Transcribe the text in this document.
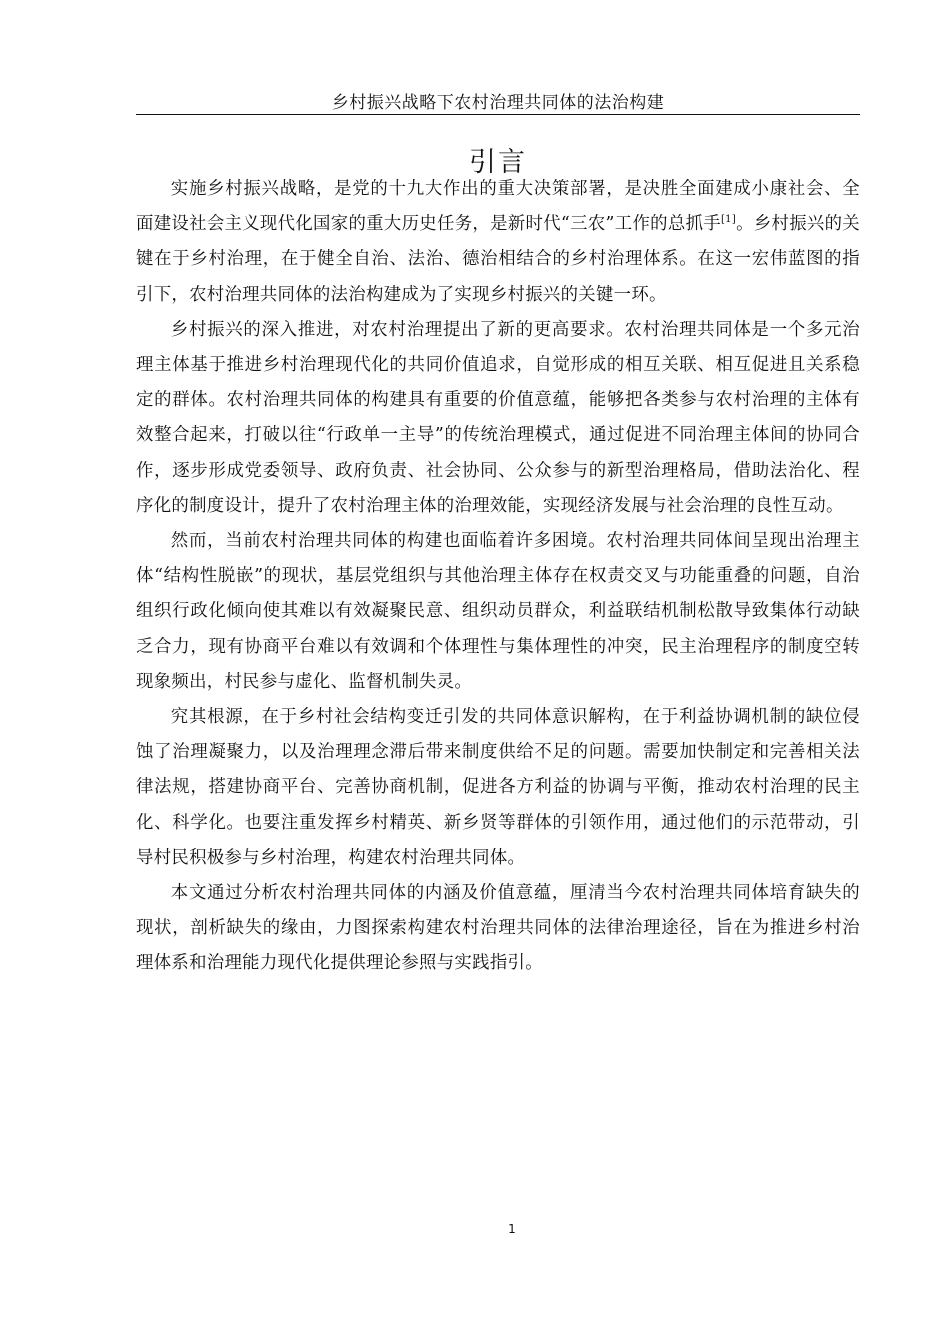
乡村振兴战略下农村治理共同体的法治构建
引言

实施乡村振兴战略，是党的十九大作出的重大决策部署，是决胜全面建成小康社会、全面建设社会主义现代化国家的重大历史任务，是新时代“三农”工作的总抓手[1]。乡村振兴的关键在于乡村治理，在于健全自治、法治、德治相结合的乡村治理体系。在这一宏伟蓝图的指引下，农村治理共同体的法治构建成为了实现乡村振兴的关键一环。

乡村振兴的深入推进，对农村治理提出了新的更高要求。农村治理共同体是一个多元治理主体基于推进乡村治理现代化的共同价值追求，自觉形成的相互关联、相互促进且关系稳定的群体。农村治理共同体的构建具有重要的价值意蕴，能够把各类参与农村治理的主体有效整合起来，打破以往“行政单一主导”的传统治理模式，通过促进不同治理主体间的协同合作，逐步形成党委领导、政府负责、社会协同、公众参与的新型治理格局，借助法治化、程序化的制度设计，提升了农村治理主体的治理效能，实现经济发展与社会治理的良性互动。

然而，当前农村治理共同体的构建也面临着许多困境。农村治理共同体间呈现出治理主体“结构性脱嵌”的现状，基层党组织与其他治理主体存在权责交叉与功能重叠的问题，自治组织行政化倾向使其难以有效凝聚民意、组织动员群众，利益联结机制松散导致集体行动缺乏合力，现有协商平台难以有效调和个体理性与集体理性的冲突，民主治理程序的制度空转现象频出，村民参与虚化、监督机制失灵。

究其根源，在于乡村社会结构变迁引发的共同体意识解构，在于利益协调机制的缺位侵蚀了治理凝聚力，以及治理理念滞后带来制度供给不足的问题。需要加快制定和完善相关法律法规，搭建协商平台、完善协商机制，促进各方利益的协调与平衡，推动农村治理的民主化、科学化。也要注重发挥乡村精英、新乡贤等群体的引领作用，通过他们的示范带动，引导村民积极参与乡村治理，构建农村治理共同体。

本文通过分析农村治理共同体的内涵及价值意蕴，厘清当今农村治理共同体培育缺失的现状，剖析缺失的缘由，力图探索构建农村治理共同体的法律治理途径，旨在为推进乡村治理体系和治理能力现代化提供理论参照与实践指引。

1
